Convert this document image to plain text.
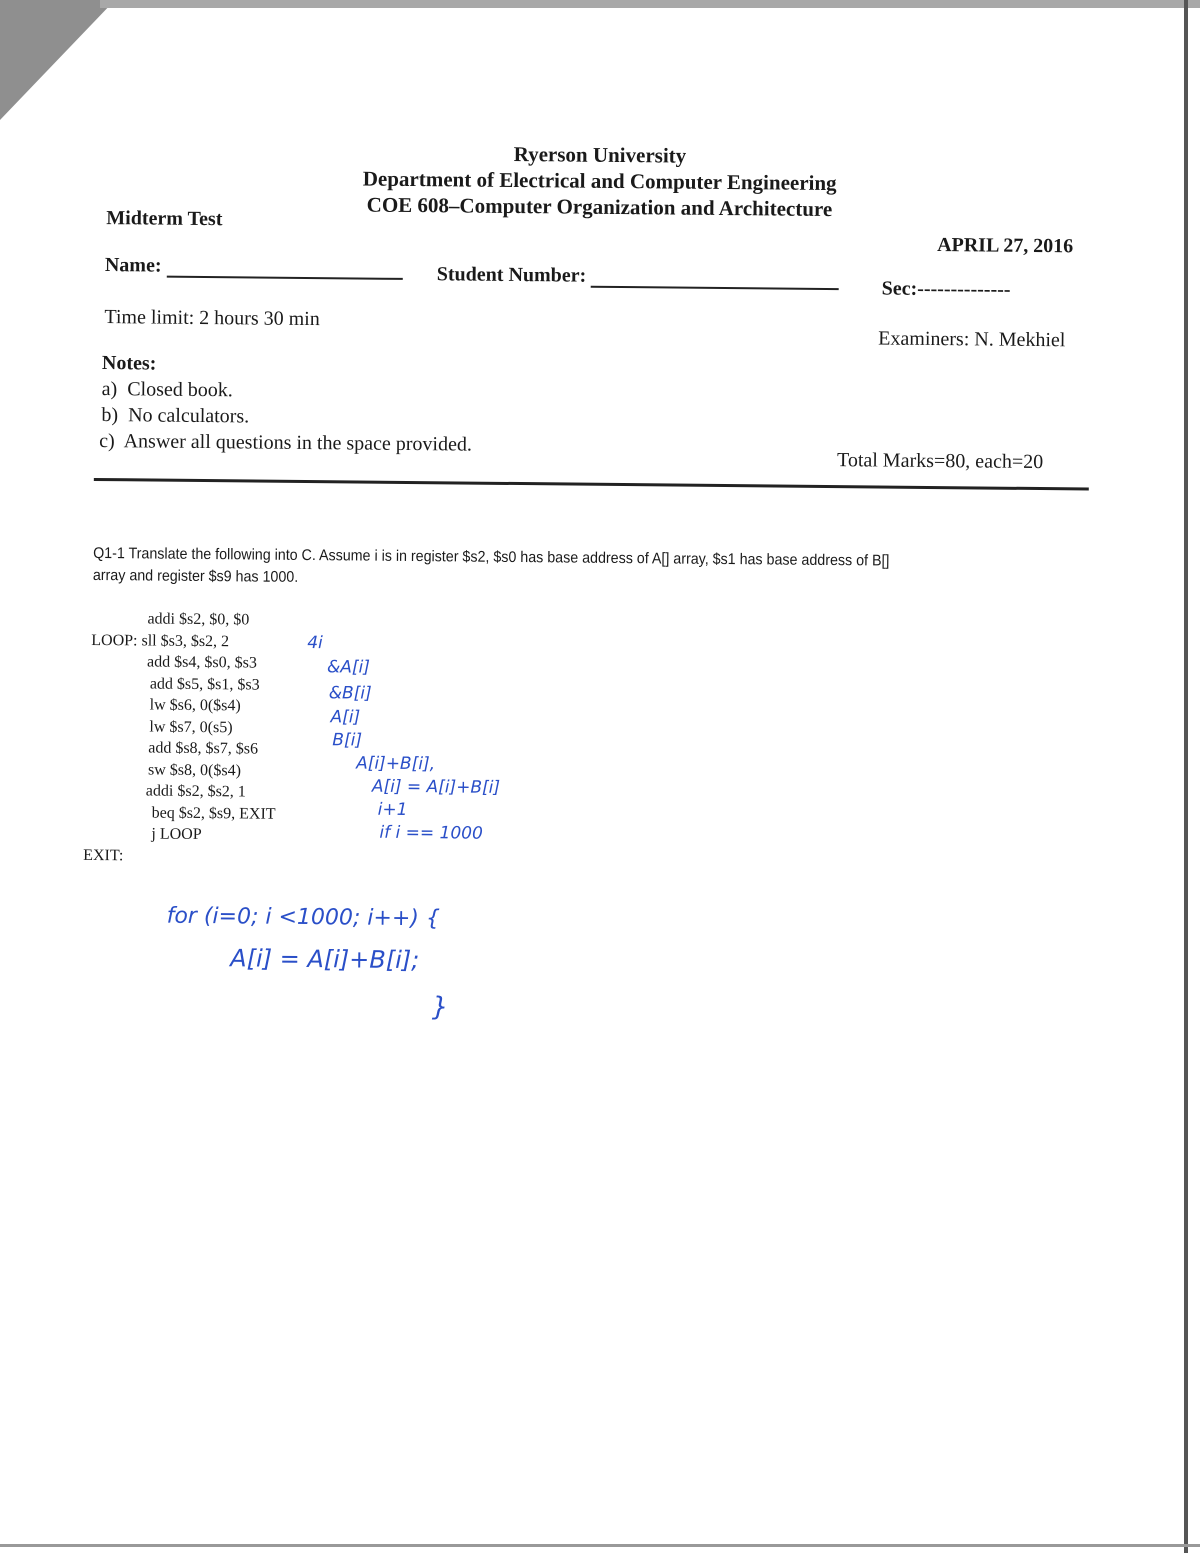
Ryerson University
Department of Electrical and Computer Engineering
COE 608–Computer Organization and Architecture
Midterm Test
APRIL 27, 2016
Name:	Student Number:
Sec:--------------
Time limit: 2 hours 30 min
Examiners: N. Mekhiel
Notes:
a) Closed book.
b) No calculators.
c) Answer all questions in the space provided.
Total Marks=80, each=20
Q1-1 Translate the following into C. Assume i is in register $s2, $s0 has base address of A[] array, $s1 has base address of B[]
array and register $s9 has 1000.
addi $s2, $0, $0
LOOP: sll $s3, $s2, 2
add $s4, $s0, $s3
add $s5, $s1, $s3
lw $s6, 0($s4)
lw $s7, 0(s5)
add $s8, $s7, $s6
sw $s8, 0($s4)
addi $s2, $s2, 1
beq $s2, $s9, EXIT
j LOOP
EXIT:
4i
&A[i]
&B[i]
A[i]
B[i]
A[i]+B[i],
A[i] = A[i]+B[i]
i+1
if i == 1000
for (i=0; i <1000; i++) {
A[i] = A[i]+B[i];
}
